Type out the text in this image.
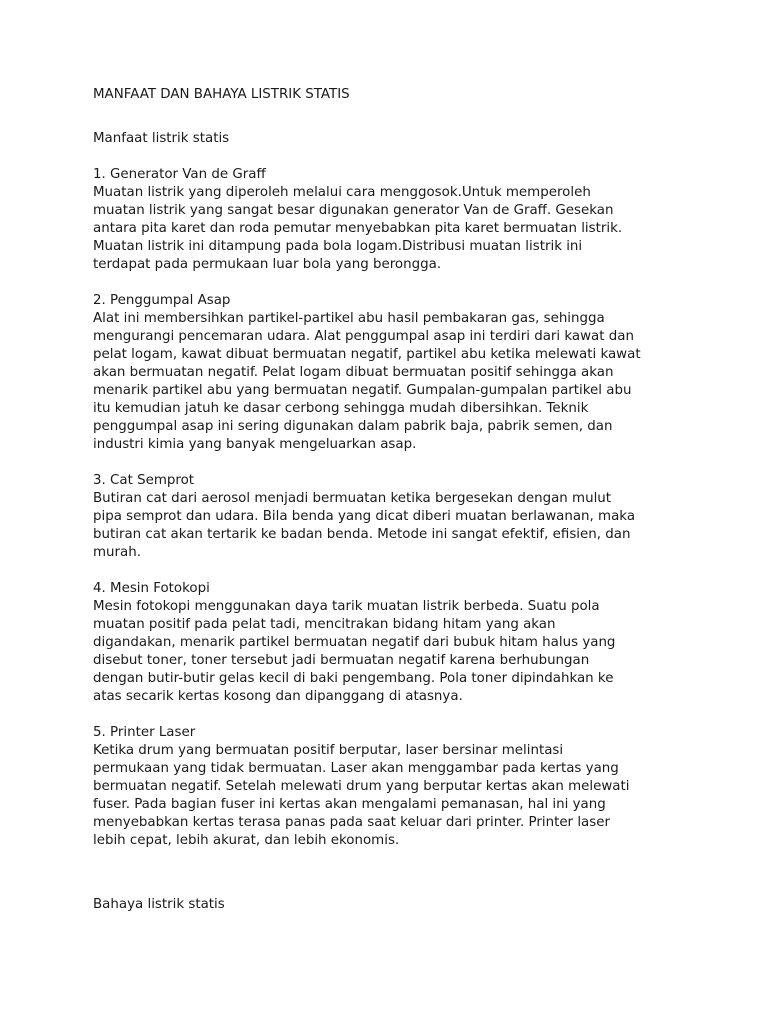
MANFAAT DAN BAHAYA LISTRIK STATIS
Manfaat listrik statis
1. Generator Van de Graff

Muatan listrik yang diperoleh melalui cara menggosok.Untuk memperoleh
muatan listrik yang sangat besar digunakan generator Van de Graff. Gesekan
antara pita karet dan roda pemutar menyebabkan pita karet bermuatan listrik.
Muatan listrik ini ditampung pada bola logam.Distribusi muatan listrik ini
terdapat pada permukaan luar bola yang berongga.

2. Penggumpal Asap

Alat ini membersihkan partikel-partikel abu hasil pembakaran gas, sehingga
mengurangi pencemaran udara. Alat penggumpal asap ini terdiri dari kawat dan
pelat logam, kawat dibuat bermuatan negatif, partikel abu ketika melewati kawat
akan bermuatan negatif. Pelat logam dibuat bermuatan positif sehingga akan
menarik partikel abu yang bermuatan negatif. Gumpalan-gumpalan partikel abu
itu kemudian jatuh ke dasar cerbong sehingga mudah dibersihkan. Teknik
penggumpal asap ini sering digunakan dalam pabrik baja, pabrik semen, dan
industri kimia yang banyak mengeluarkan asap.

3. Cat Semprot

Butiran cat dari aerosol menjadi bermuatan ketika bergesekan dengan mulut
pipa semprot dan udara. Bila benda yang dicat diberi muatan berlawanan, maka
butiran cat akan tertarik ke badan benda. Metode ini sangat efektif, efisien, dan
murah.

4. Mesin Fotokopi

Mesin fotokopi menggunakan daya tarik muatan listrik berbeda. Suatu pola
muatan positif pada pelat tadi, mencitrakan bidang hitam yang akan
digandakan, menarik partikel bermuatan negatif dari bubuk hitam halus yang
disebut toner, toner tersebut jadi bermuatan negatif karena berhubungan
dengan butir-butir gelas kecil di baki pengembang. Pola toner dipindahkan ke
atas secarik kertas kosong dan dipanggang di atasnya.

5. Printer Laser

Ketika drum yang bermuatan positif berputar, laser bersinar melintasi
permukaan yang tidak bermuatan. Laser akan menggambar pada kertas yang
bermuatan negatif. Setelah melewati drum yang berputar kertas akan melewati
fuser. Pada bagian fuser ini kertas akan mengalami pemanasan, hal ini yang
menyebabkan kertas terasa panas pada saat keluar dari printer. Printer laser
lebih cepat, lebih akurat, dan lebih ekonomis.

Bahaya listrik statis
